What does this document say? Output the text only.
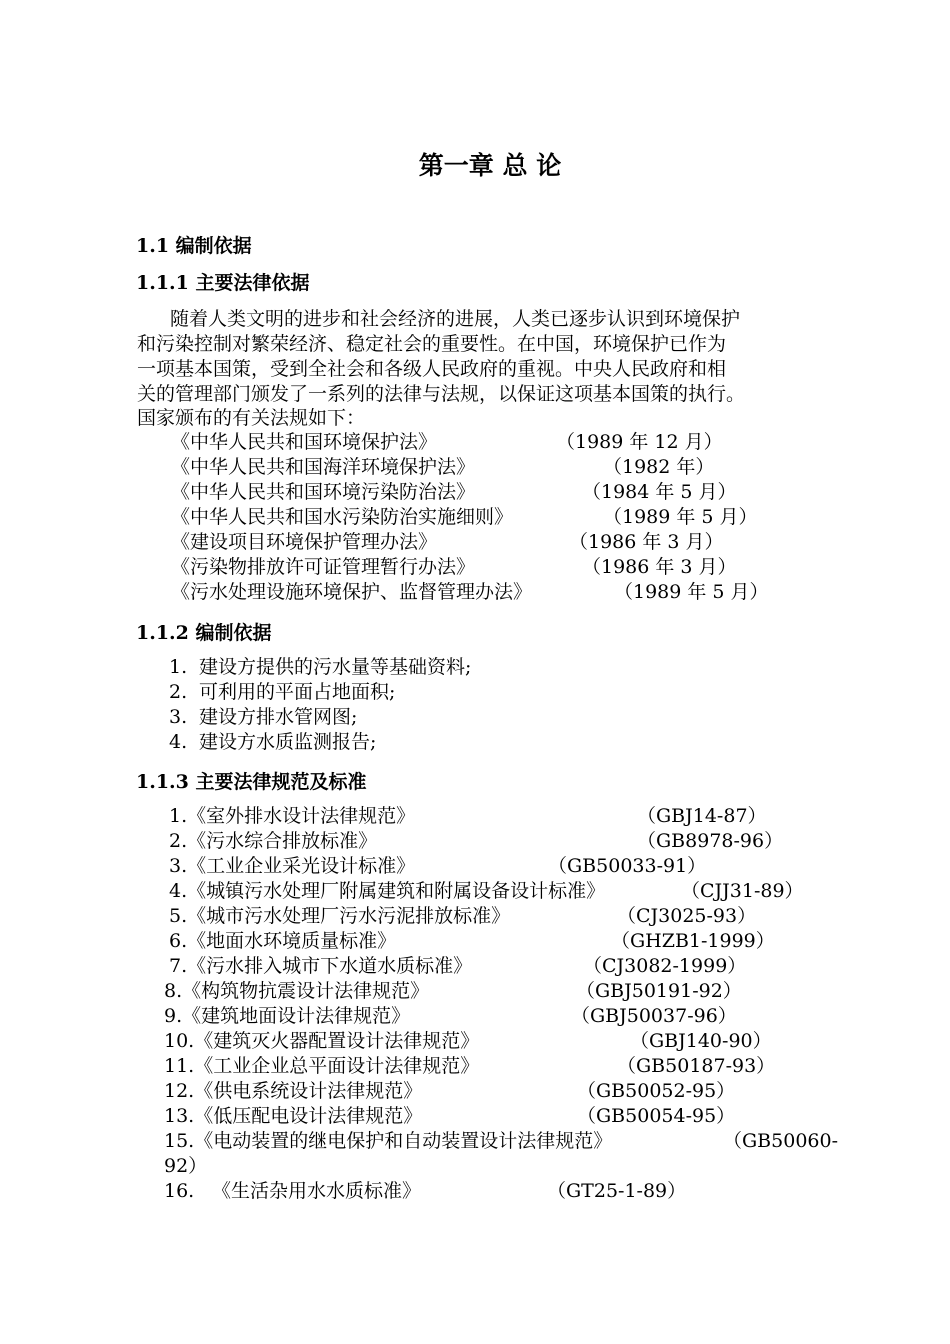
第一章 总 论
1.1 编制依据
1.1.1 主要法律依据
随着人类文明的进步和社会经济的进展，人类已逐步认识到环境保护
和污染控制对繁荣经济、稳定社会的重要性。在中国，环境保护已作为
一项基本国策，受到全社会和各级人民政府的重视。中央人民政府和相
关的管理部门颁发了一系列的法律与法规，以保证这项基本国策的执行。
国家颁布的有关法规如下：
《中华人民共和国环境保护法》	（1989 年 12 月）
《中华人民共和国海洋环境保护法》	（1982 年）
《中华人民共和国环境污染防治法》	（1984 年 5 月）
《中华人民共和国水污染防治实施细则》	（1989 年 5 月）
《建设项目环境保护管理办法》	（1986 年 3 月）
《污染物排放许可证管理暂行办法》	（1986 年 3 月）
《污水处理设施环境保护、监督管理办法》	（1989 年 5 月）
1.1.2 编制依据
1. 建设方提供的污水量等基础资料;
2. 可利用的平面占地面积;
3. 建设方排水管网图;
4. 建设方水质监测报告;
1.1.3 主要法律规范及标准
1.《室外排水设计法律规范》	（GBJ14-87）
2.《污水综合排放标准》	（GB8978-96）
3.《工业企业采光设计标准》	（GB50033-91）
4.《城镇污水处理厂附属建筑和附属设备设计标准》	（CJJ31-89）
5.《城市污水处理厂污水污泥排放标准》	（CJ3025-93）
6.《地面水环境质量标准》	（GHZB1-1999）
7.《污水排入城市下水道水质标准》	（CJ3082-1999）
8.《构筑物抗震设计法律规范》	（GBJ50191-92）
9.《建筑地面设计法律规范》	（GBJ50037-96）
10.《建筑灭火器配置设计法律规范》	（GBJ140-90）
11.《工业企业总平面设计法律规范》	（GB50187-93）
12.《供电系统设计法律规范》	（GB50052-95）
13.《低压配电设计法律规范》	（GB50054-95）
15.《电动装置的继电保护和自动装置设计法律规范》	（GB50060-
92）
16. 《生活杂用水水质标准》	（GT25-1-89）
